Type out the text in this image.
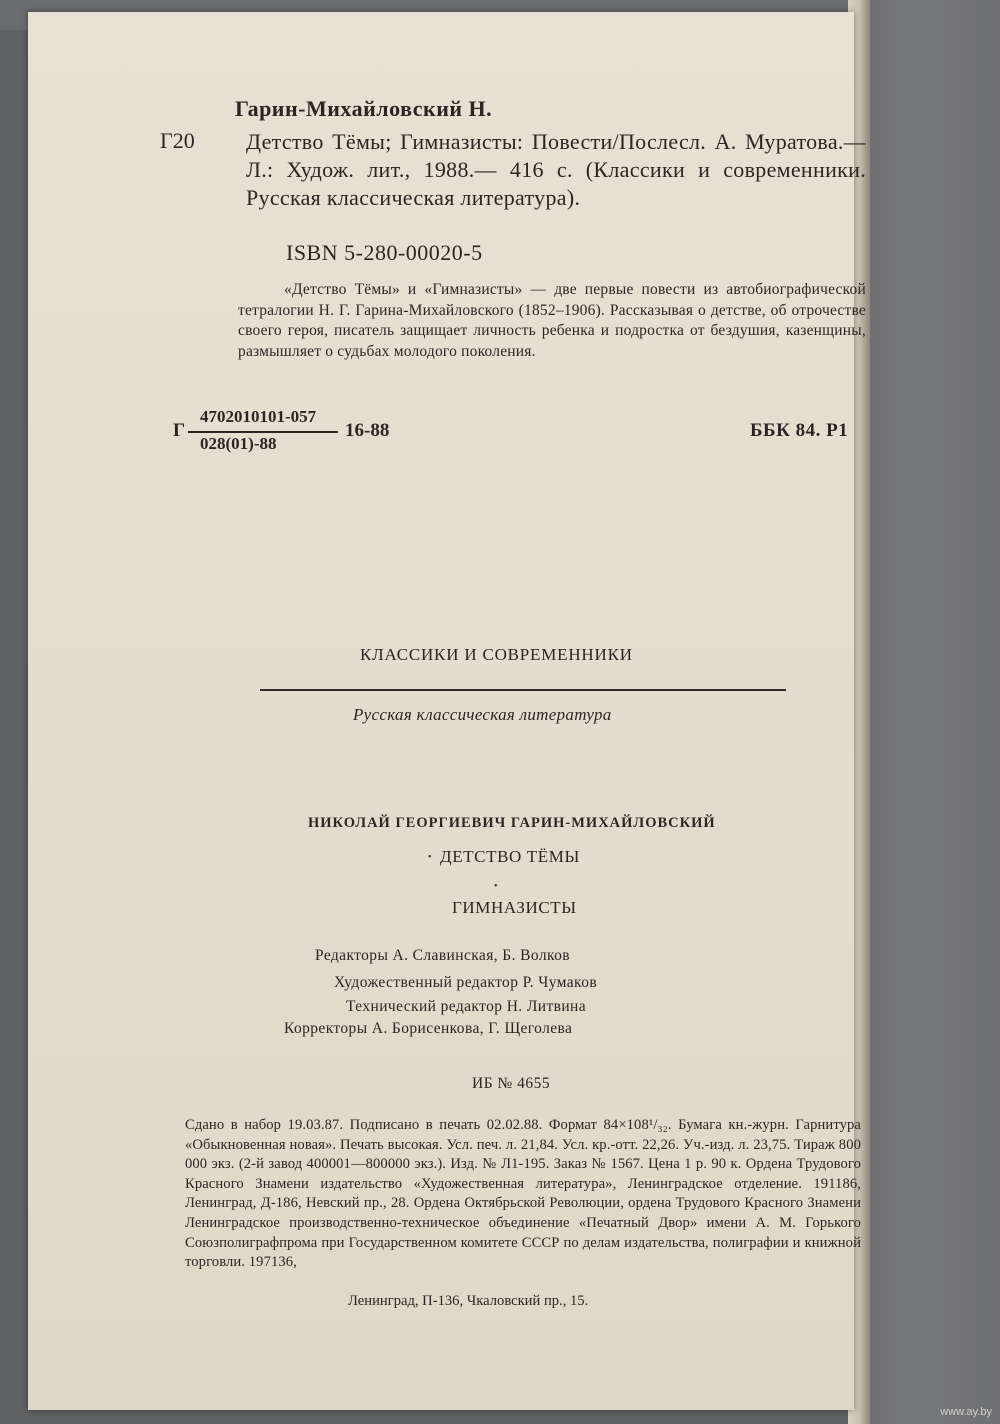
Гарин-Михайловский Н.
Г20 Детство Тёмы; Гимназисты: Повести/Послесл. А. Муратова.— Л.: Худож. лит., 1988.— 416 с. (Классики и современники. Русская классическая литература).
ISBN 5-280-00020-5
«Детство Тёмы» и «Гимназисты» — две первые повести из автобиографической тетралогии Н. Г. Гарина-Михайловского (1852–1906). Рассказывая о детстве, об отрочестве своего героя, писатель защищает личность ребенка и подростка от бездушия, казенщины, размышляет о судьбах молодого поколения.
Г
4702010101-057
028(01)-88
16-88	ББК 84. Р1
КЛАССИКИ И СОВРЕМЕННИКИ
Русская классическая литература
НИКОЛАЙ ГЕОРГИЕВИЧ ГАРИН-МИХАЙЛОВСКИЙ
• ДЕТСТВО ТЁМЫ
•
ГИМНАЗИСТЫ
Редакторы А. Славинская, Б. Волков
Художественный редактор Р. Чумаков
Технический редактор Н. Литвина
Корректоры А. Борисенкова, Г. Щеголева
ИБ № 4655
Сдано в набор 19.03.87. Подписано в печать 02.02.88. Формат 84×108¹/₃₂. Бумага кн.-журн. Гарнитура «Обыкновенная новая». Печать высокая. Усл. печ. л. 21,84. Усл. кр.-отт. 22,26. Уч.-изд. л. 23,75. Тираж 800 000 экз. (2-й завод 400001—800000 экз.). Изд. № Л1-195. Заказ № 1567. Цена 1 р. 90 к. Ордена Трудового Красного Знамени издательство «Художественная литература», Ленинградское отделение. 191186, Ленинград, Д-186, Невский пр., 28. Ордена Октябрьской Революции, ордена Трудового Красного Знамени Ленинградское производственно-техническое объединение «Печатный Двор» имени А. М. Горького Союзполиграфпрома при Государственном комитете СССР по делам издательства, полиграфии и книжной торговли. 197136,
Ленинград, П-136, Чкаловский пр., 15.
www.ay.by
